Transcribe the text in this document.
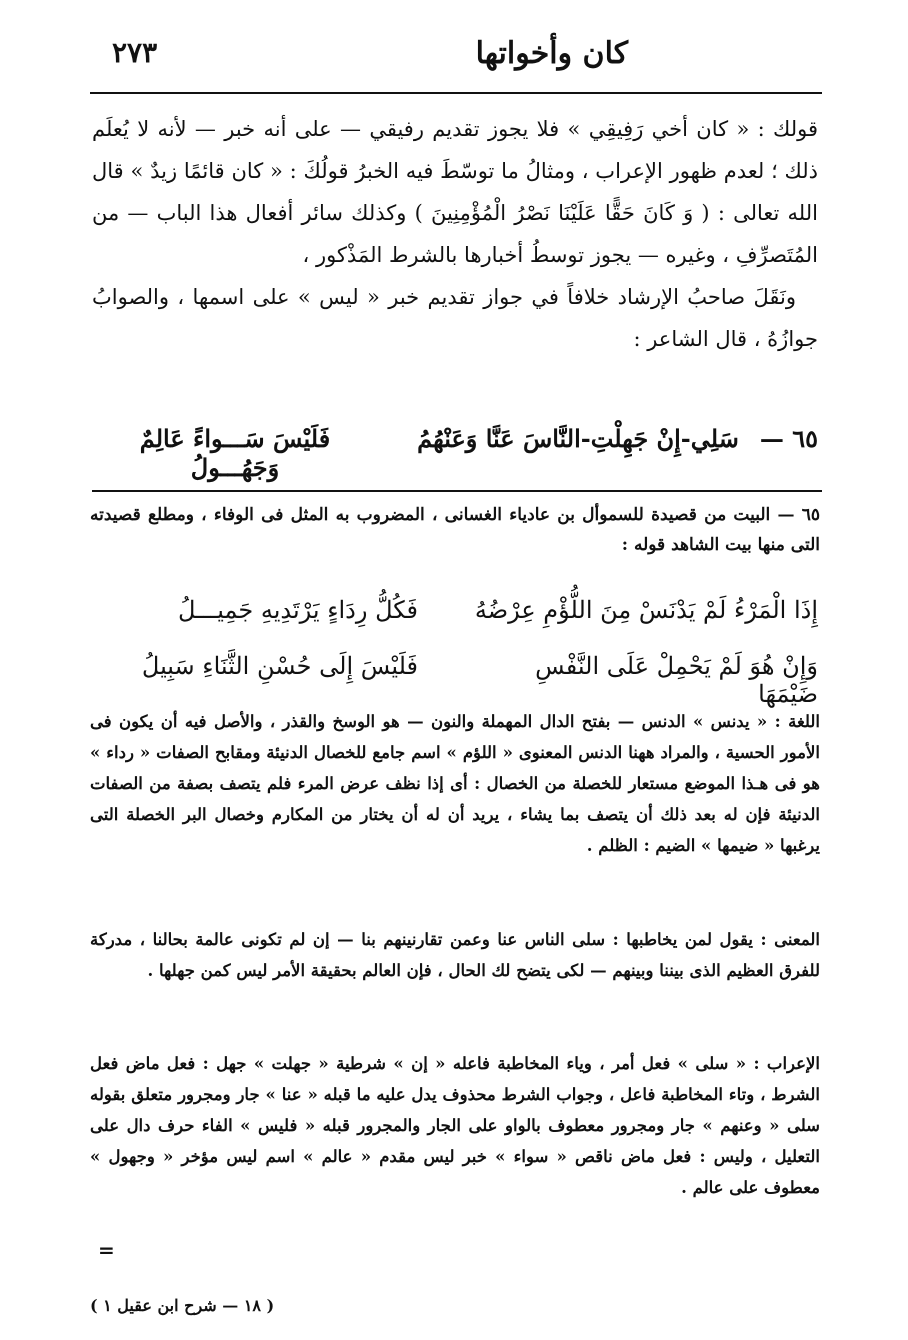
كان وأخواتها
٢٧٣

قولك : « كان أخي رَفِيقِي » فلا يجوز تقديم رفيقي — على أنه خبر — لأنه لا يُعلَم ذلك ؛ لعدم ظهور الإعراب ، ومثالُ ما توسّطَ فيه الخبرُ قولُكَ : « كان قائمًا زيدٌ » قال الله تعالى : ( وَ كَانَ حَقًّا عَلَيْنَا نَصْرُ الْمُؤْمِنِينَ ) وكذلك سائر أفعال هذا الباب — من المُتَصرِّفِ ، وغيره — يجوز توسطُ أخبارها بالشرط المَذْكور ،

ونَقَلَ صاحبُ الإرشاد خلافاً في جواز تقديم خبر « ليس » على اسمها ، والصوابُ جوازُهُ ، قال الشاعر :

٦٥ —
سَلِي-إِنْ جَهِلْتِ-النَّاسَ عَنَّا وَعَنْهُمُ
فَلَيْسَ سَـــواءً عَالِمٌ وَجَهُـــولُ

٦٥ — البيت من قصيدة للسموأل بن عادياء الغسانى ، المضروب به المثل فى الوفاء ، ومطلع قصيدته التى منها بيت الشاهد قوله :

إِذَا الْمَرْءُ لَمْ يَدْنَسْ مِنَ اللُّؤْمِ عِرْضُهُ
فَكُلُّ رِدَاءٍ يَرْتَدِيهِ جَمِيـــلُ
وَإِنْ هُوَ لَمْ يَحْمِلْ عَلَى النَّفْسِ ضَيْمَهَا
فَلَيْسَ إِلَى حُسْنِ الثَّنَاءِ سَبِيلُ

اللغة : « يدنس » الدنس — بفتح الدال المهملة والنون — هو الوسخ والقذر ، والأصل فيه أن يكون فى الأمور الحسية ، والمراد ههنا الدنس المعنوى « اللؤم » اسم جامع للخصال الدنيئة ومقابح الصفات « رداء » هو فى هـذا الموضع مستعار للخصلة من الخصال : أى إذا نظف عرض المرء فلم يتصف بصفة من الصفات الدنيئة فإن له بعد ذلك أن يتصف بما يشاء ، يريد أن له أن يختار من المكارم وخصال البر الخصلة التى يرغبها « ضيمها » الضيم : الظلم .

المعنى : يقول لمن يخاطبها : سلى الناس عنا وعمن تقارنينهم بنا — إن لم تكونى عالمة بحالنا ، مدركة للفرق العظيم الذى بيننا وبينهم — لكى يتضح لك الحال ، فإن العالم بحقيقة الأمر ليس كمن جهلها .

الإعراب : « سلى » فعل أمر ، وياء المخاطبة فاعله « إن » شرطية « جهلت » جهل : فعل ماض فعل الشرط ، وتاء المخاطبة فاعل ، وجواب الشرط محذوف يدل عليه ما قبله « عنا » جار ومجرور متعلق بقوله سلى « وعنهم » جار ومجرور معطوف بالواو على الجار والمجرور قبله « فليس » الفاء حرف دال على التعليل ، وليس : فعل ماض ناقص « سواء » خبر ليس مقدم « عالم » اسم ليس مؤخر « وجهول » معطوف على عالم .

=
( ١٨ — شرح ابن عقيل ١ )
